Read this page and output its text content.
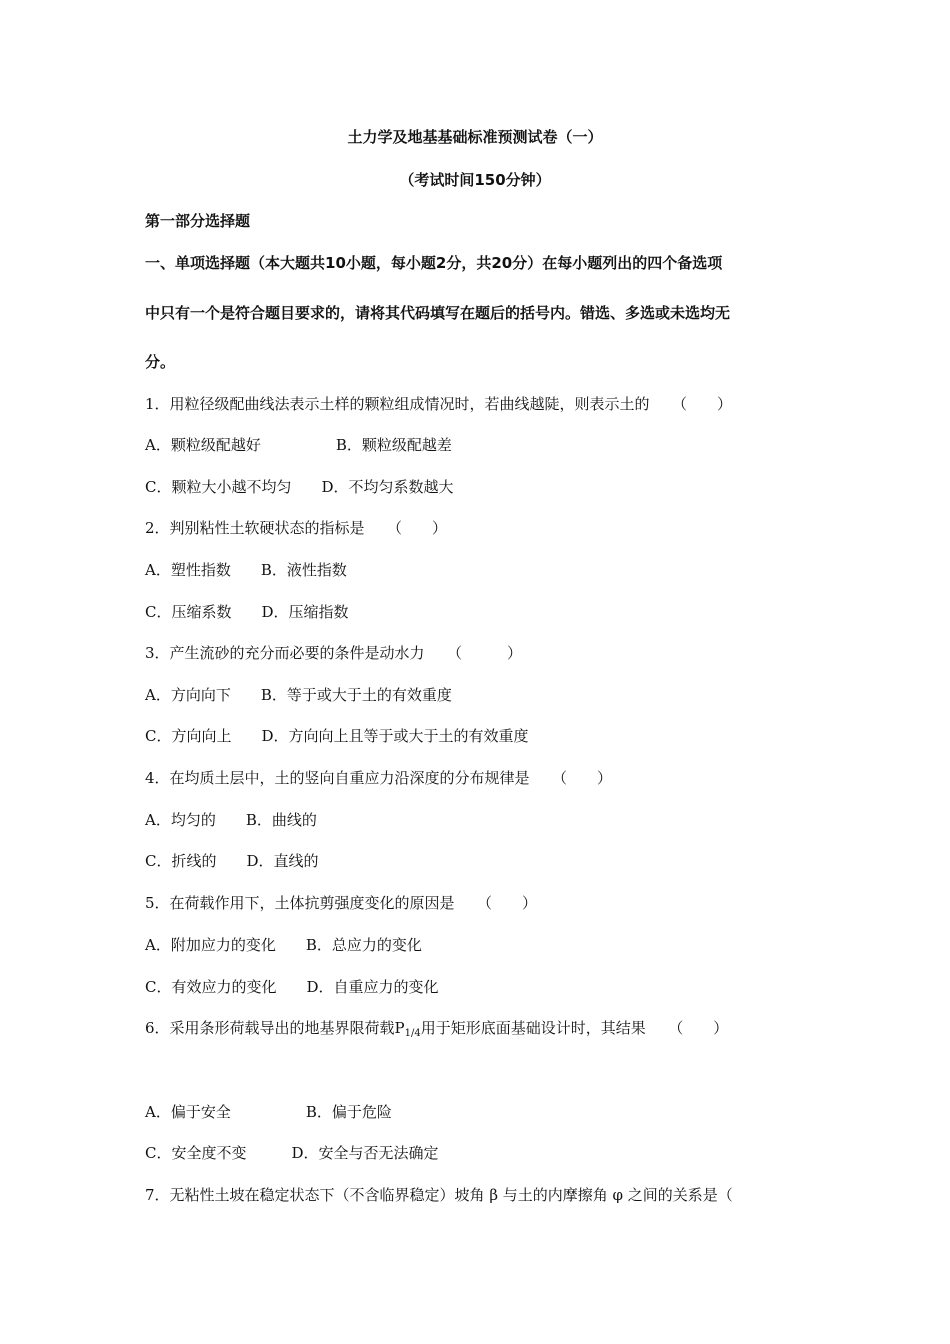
土力学及地基基础标准预测试卷（一）
（考试时间150分钟）
第一部分选择题
一、单项选择题（本大题共10小题，每小题2分，共20分）在每小题列出的四个备选项
中只有一个是符合题目要求的，请将其代码填写在题后的括号内。错选、多选或未选均无
分。
1．用粒径级配曲线法表示土样的颗粒组成情况时，若曲线越陡，则表示土的　　（　　）
A．颗粒级配越好　　　　　B．颗粒级配越差
C．颗粒大小越不均匀　　D．不均匀系数越大
2．判别粘性土软硬状态的指标是　　（　　）
A．塑性指数　　B．液性指数
C．压缩系数　　D．压缩指数
3．产生流砂的充分而必要的条件是动水力　　（　　　）
A．方向向下　　B．等于或大于土的有效重度
C．方向向上　　D．方向向上且等于或大于土的有效重度
4．在均质土层中，土的竖向自重应力沿深度的分布规律是　　（　　）
A．均匀的　　B．曲线的
C．折线的　　D．直线的
5．在荷载作用下，土体抗剪强度变化的原因是　　（　　）
A．附加应力的变化　　B．总应力的变化
C．有效应力的变化　　D．自重应力的变化
6．采用条形荷载导出的地基界限荷载$P_{1/4}$用于矩形底面基础设计时，其结果　　（　　）
A．偏于安全　　　　　B．偏于危险
C．安全度不变　　　D．安全与否无法确定
7．无粘性土坡在稳定状态下（不含临界稳定）坡角 β 与土的内摩擦角 φ 之间的关系是（
